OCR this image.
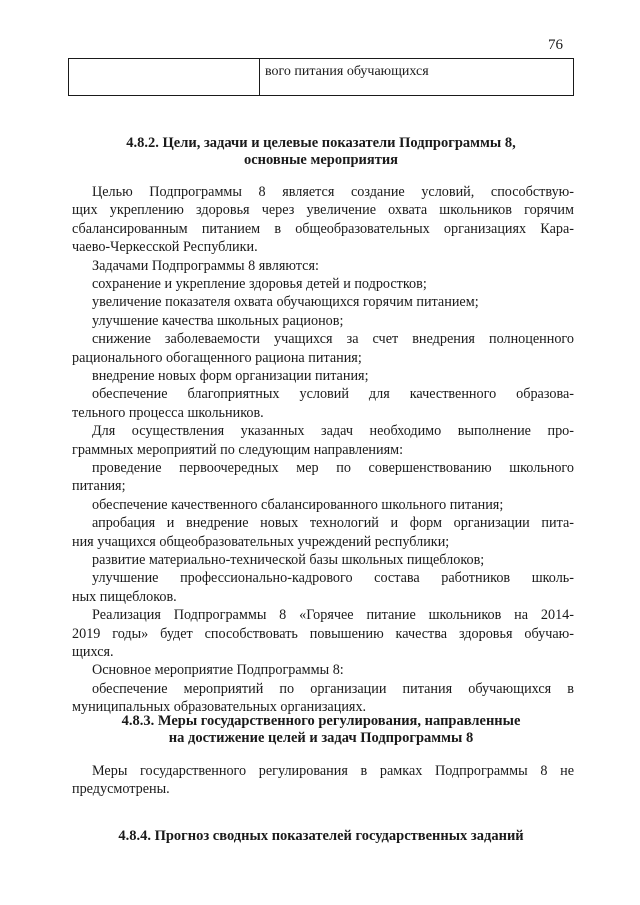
76
вого питания обучающихся
4.8.2. Цели, задачи и целевые показатели Подпрограммы 8,
основные мероприятия
Целью Подпрограммы 8 является создание условий, способствую-
щих укреплению здоровья через увеличение охвата школьников горячим
сбалансированным питанием в общеобразовательных организациях Кара-
чаево-Черкесской Республики.
Задачами Подпрограммы 8 являются:
сохранение и укрепление здоровья детей и подростков;
увеличение показателя охвата обучающихся горячим питанием;
улучшение качества школьных рационов;
снижение заболеваемости учащихся за счет внедрения полноценного
рационального обогащенного рациона питания;
внедрение новых форм организации питания;
обеспечение благоприятных условий для качественного образова-
тельного процесса школьников.
Для осуществления указанных задач необходимо выполнение про-
граммных мероприятий по следующим направлениям:
проведение первоочередных мер по совершенствованию школьного
питания;
обеспечение качественного сбалансированного школьного питания;
апробация и внедрение новых технологий и форм организации пита-
ния учащихся общеобразовательных учреждений республики;
развитие материально-технической базы школьных пищеблоков;
улучшение профессионально-кадрового состава работников школь-
ных пищеблоков.
Реализация Подпрограммы 8 «Горячее питание школьников на 2014-
2019 годы» будет способствовать повышению качества здоровья обучаю-
щихся.
Основное мероприятие Подпрограммы 8:
обеспечение мероприятий по организации питания обучающихся в
муниципальных образовательных организациях.
4.8.3. Меры государственного регулирования, направленные
на достижение целей и задач Подпрограммы 8
Меры государственного регулирования в рамках Подпрограммы 8 не
предусмотрены.
4.8.4. Прогноз сводных показателей государственных заданий
